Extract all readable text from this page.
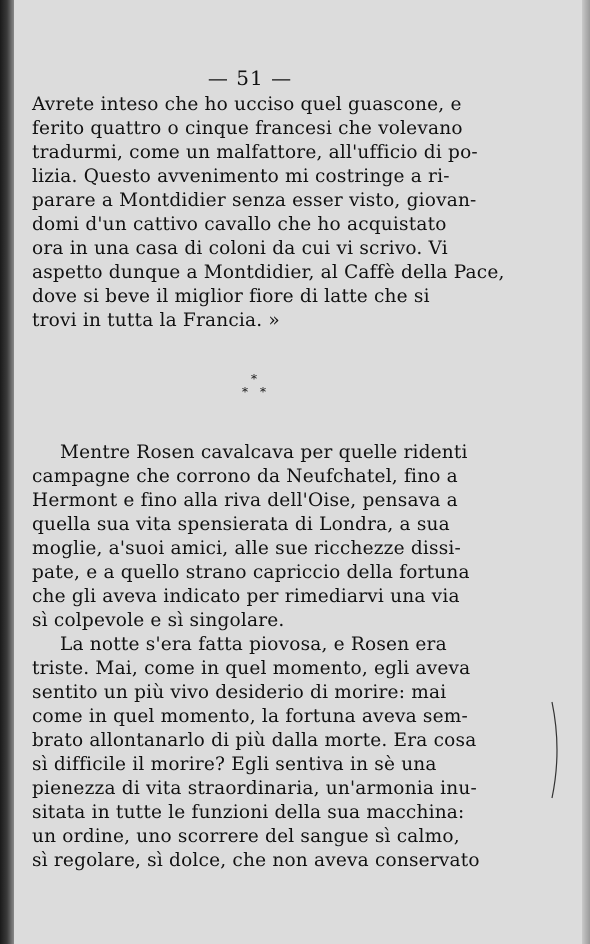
— 51 —
Avrete inteso che ho ucciso quel guascone, e
ferito quattro o cinque francesi che volevano
tradurmi, come un malfattore, all'ufficio di po-
lizia. Questo avvenimento mi costringe a ri-
parare a Montdidier senza esser visto, giovan-
domi d'un cattivo cavallo che ho acquistato
ora in una casa di coloni da cui vi scrivo. Vi
aspetto dunque a Montdidier, al Caffè della Pace,
dove si beve il miglior fiore di latte che si
trovi in tutta la Francia. »
Mentre Rosen cavalcava per quelle ridenti
campagne che corrono da Neufchatel, fino a
Hermont e fino alla riva dell'Oise, pensava a
quella sua vita spensierata di Londra, a sua
moglie, a'suoi amici, alle sue ricchezze dissi-
pate, e a quello strano capriccio della fortuna
che gli aveva indicato per rimediarvi una via
sì colpevole e sì singolare.
La notte s'era fatta piovosa, e Rosen era
triste. Mai, come in quel momento, egli aveva
sentito un più vivo desiderio di morire: mai
come in quel momento, la fortuna aveva sem-
brato allontanarlo di più dalla morte. Era cosa
sì difficile il morire? Egli sentiva in sè una
pienezza di vita straordinaria, un'armonia inu-
sitata in tutte le funzioni della sua macchina:
un ordine, uno scorrere del sangue sì calmo,
sì regolare, sì dolce, che non aveva conservato
*
* *
